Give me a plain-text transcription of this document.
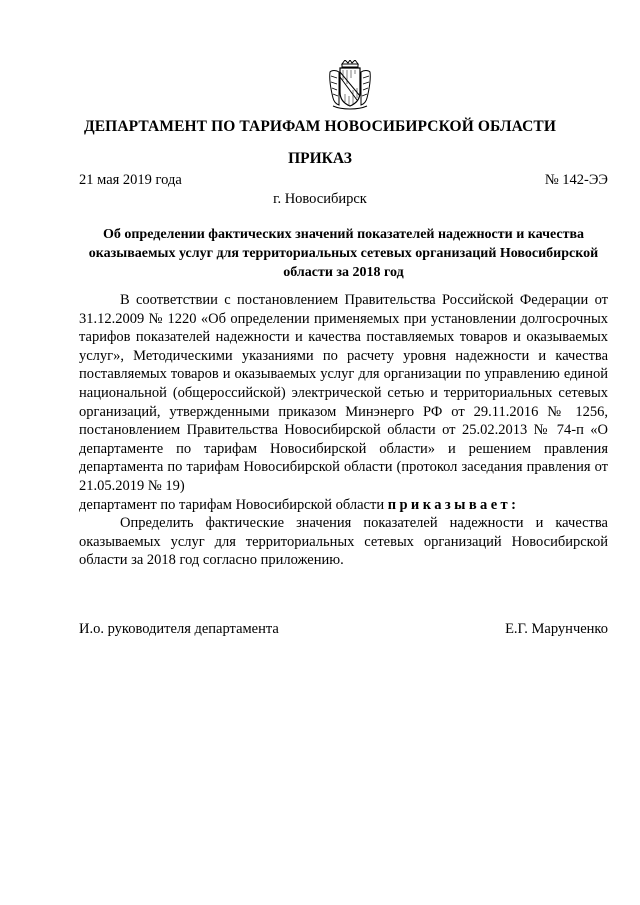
ДЕПАРТАМЕНТ ПО ТАРИФАМ НОВОСИБИРСКОЙ ОБЛАСТИ
ПРИКАЗ
21 мая 2019 года	№ 142-ЭЭ
г. Новосибирск
Об определении фактических значений показателей надежности и качества оказываемых услуг для территориальных сетевых организаций Новосибирской области за 2018 год

В соответствии с постановлением Правительства Российской Федерации от 31.12.2009 № 1220 «Об определении применяемых при установлении долгосрочных тарифов показателей надежности и качества поставляемых товаров и оказываемых услуг», Методическими указаниями по расчету уровня надежности и качества поставляемых товаров и оказываемых услуг для организации по управлению единой национальной (общероссийской) электрической сетью и территориальных сетевых организаций, утвержденными приказом Минэнерго РФ от 29.11.2016 № 1256, постановлением Правительства Новосибирской области от 25.02.2013 № 74-п «О департаменте по тарифам Новосибирской области» и решением правления департамента по тарифам Новосибирской области (протокол заседания правления от 21.05.2019 № 19)

департамент по тарифам Новосибирской области приказывает:

Определить фактические значения показателей надежности и качества оказываемых услуг для территориальных сетевых организаций Новосибирской области за 2018 год согласно приложению.

И.о. руководителя департамента	Е.Г. Марунченко
